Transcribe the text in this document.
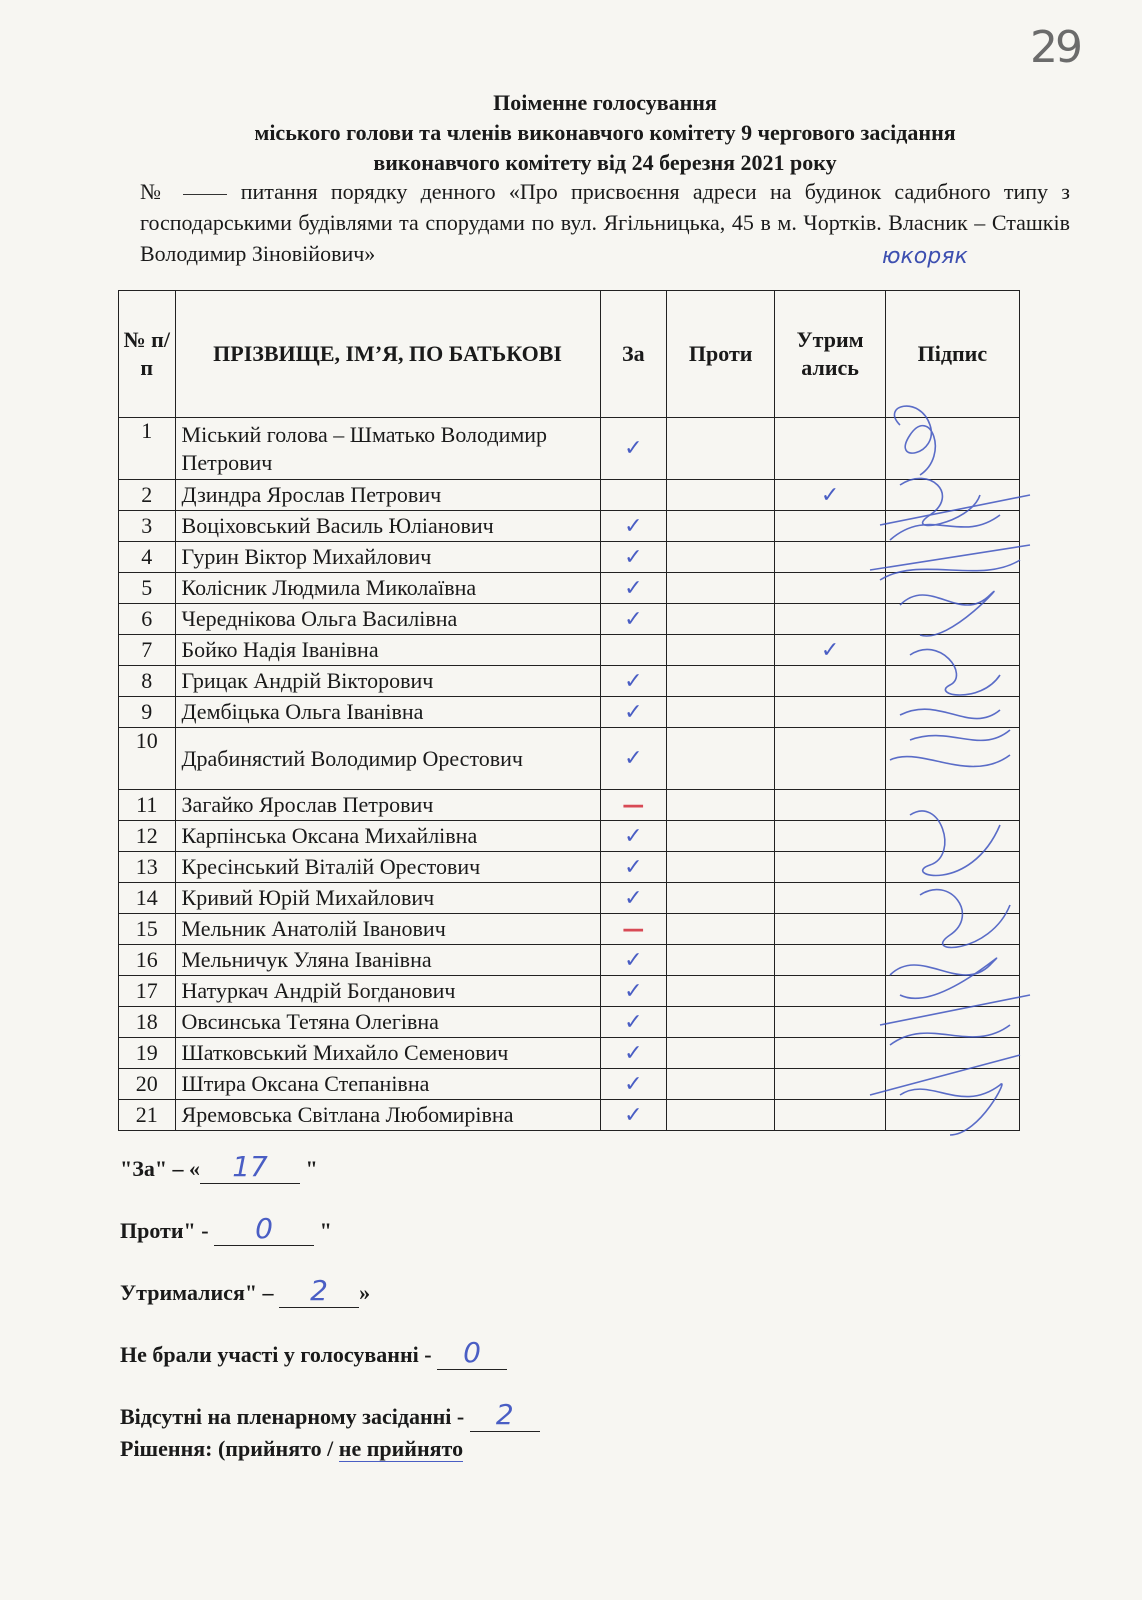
29
Поіменне голосування
міського голови та членів виконавчого комітету 9 чергового засідання
виконавчого комітету від 24 березня 2021 року
№	питання порядку денного «Про присвоєння адреси на будинок садибного типу з господарськими будівлями та спорудами по вул. Ягільницька, 45 в м. Чортків. Власник – Сташків Володимир Зіновійович»	юкоряк
№ п/п	ПРІЗВИЩЕ, ІМ’Я, ПО БАТЬКОВІ	За	Проти	Утрим ались	Підпис
1	Міський голова – Шматько Володимир Петрович	✓			
2	Дзиндра Ярослав Петрович			✓	
3	Воціховський Василь Юліанович	✓			
4	Гурин Віктор Михайлович	✓			
5	Колісник Людмила Миколаївна	✓			
6	Череднікова Ольга Василівна	✓			
7	Бойко Надія Іванівна			✓	
8	Грицак Андрій Вікторович	✓			
9	Дембіцька Ольга Іванівна	✓			
10	Драбинястий Володимир Орестович	✓			
11	Загайко Ярослав Петрович	—			
12	Карпінська Оксана Михайлівна	✓			
13	Кресінський Віталій Орестович	✓			
14	Кривий Юрій Михайлович	✓			
15	Мельник Анатолій Іванович	—			
16	Мельничук Уляна Іванівна	✓			
17	Натуркач Андрій Богданович	✓			
18	Овсинська Тетяна Олегівна	✓			
19	Шатковський Михайло Семенович	✓			
20	Штира Оксана Степанівна	✓			
21	Яремовська Світлана Любомирівна	✓			
"За" – « 17 "
Проти" - 0 "
Утрималися" – 2 »
Не брали участі у голосуванні - 0
Відсутні на пленарному засіданні - 2
Рішення: (прийнято / не прийнято
